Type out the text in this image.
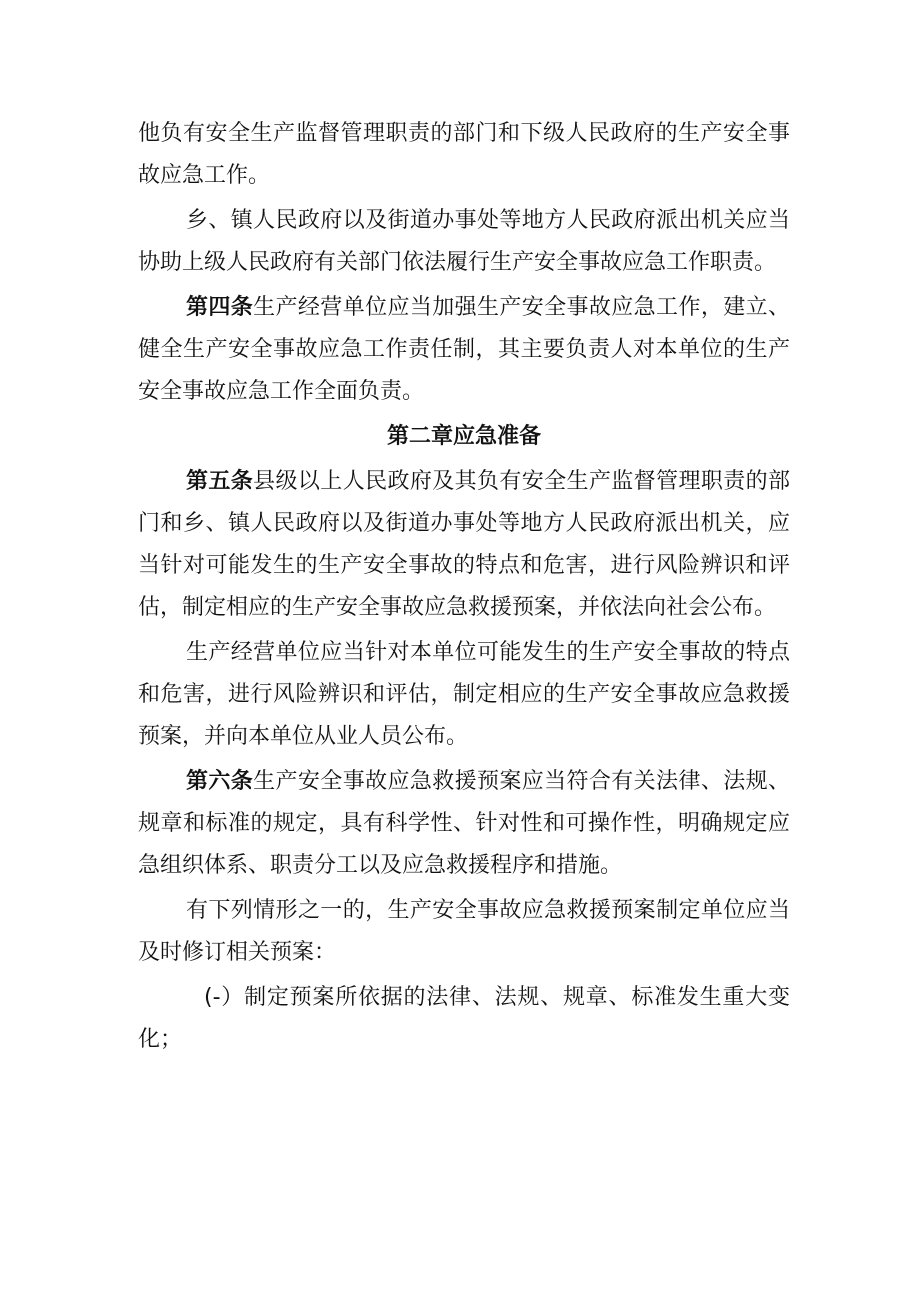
他负有安全生产监督管理职责的部门和下级人民政府的生产安全事故应急工作。

乡、镇人民政府以及街道办事处等地方人民政府派出机关应当协助上级人民政府有关部门依法履行生产安全事故应急工作职责。

第四条生产经营单位应当加强生产安全事故应急工作，建立、健全生产安全事故应急工作责任制，其主要负责人对本单位的生产安全事故应急工作全面负责。

第二章应急准备

第五条县级以上人民政府及其负有安全生产监督管理职责的部门和乡、镇人民政府以及街道办事处等地方人民政府派出机关，应当针对可能发生的生产安全事故的特点和危害，进行风险辨识和评估，制定相应的生产安全事故应急救援预案，并依法向社会公布。

生产经营单位应当针对本单位可能发生的生产安全事故的特点和危害，进行风险辨识和评估，制定相应的生产安全事故应急救援预案，并向本单位从业人员公布。

第六条生产安全事故应急救援预案应当符合有关法律、法规、规章和标准的规定，具有科学性、针对性和可操作性，明确规定应急组织体系、职责分工以及应急救援程序和措施。

有下列情形之一的，生产安全事故应急救援预案制定单位应当及时修订相关预案：

(-）制定预案所依据的法律、法规、规章、标准发生重大变化；
